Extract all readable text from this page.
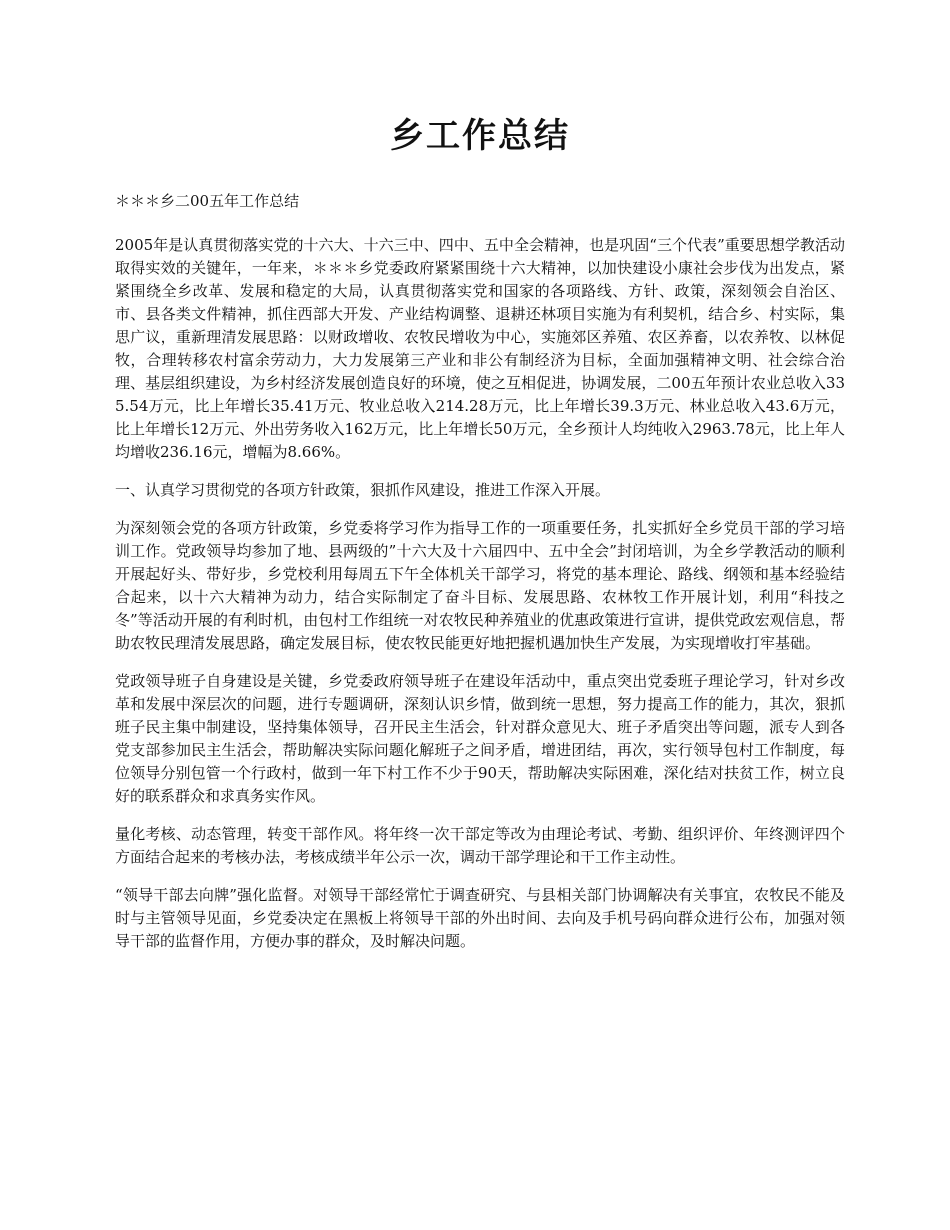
乡工作总结

＊＊＊乡二00五年工作总结

2005年是认真贯彻落实党的十六大、十六三中、四中、五中全会精神，也是巩固“三个代表”重要思想学教活动取得实效的关键年，一年来，＊＊＊乡党委政府紧紧围绕十六大精神，以加快建设小康社会步伐为出发点，紧紧围绕全乡改革、发展和稳定的大局，认真贯彻落实党和国家的各项路线、方针、政策，深刻领会自治区、市、县各类文件精神，抓住西部大开发、产业结构调整、退耕还林项目实施为有利契机，结合乡、村实际，集思广议，重新理清发展思路：以财政增收、农牧民增收为中心，实施郊区养殖、农区养畜，以农养牧、以林促牧，合理转移农村富余劳动力，大力发展第三产业和非公有制经济为目标，全面加强精神文明、社会综合治理、基层组织建设，为乡村经济发展创造良好的环境，使之互相促进，协调发展，二00五年预计农业总收入335.54万元，比上年增长35.41万元、牧业总收入214.28万元，比上年增长39.3万元、林业总收入43.6万元，比上年增长12万元、外出劳务收入162万元，比上年增长50万元，全乡预计人均纯收入2963.78元，比上年人均增收236.16元，增幅为8.66%。

一、认真学习贯彻党的各项方针政策，狠抓作风建设，推进工作深入开展。

为深刻领会党的各项方针政策，乡党委将学习作为指导工作的一项重要任务，扎实抓好全乡党员干部的学习培训工作。党政领导均参加了地、县两级的”十六大及十六届四中、五中全会”封闭培训，为全乡学教活动的顺利开展起好头、带好步，乡党校利用每周五下午全体机关干部学习，将党的基本理论、路线、纲领和基本经验结合起来，以十六大精神为动力，结合实际制定了奋斗目标、发展思路、农林牧工作开展计划，利用“科技之冬”等活动开展的有利时机，由包村工作组统一对农牧民种养殖业的优惠政策进行宣讲，提供党政宏观信息，帮助农牧民理清发展思路，确定发展目标，使农牧民能更好地把握机遇加快生产发展，为实现增收打牢基础。

党政领导班子自身建设是关键，乡党委政府领导班子在建设年活动中，重点突出党委班子理论学习，针对乡改革和发展中深层次的问题，进行专题调研，深刻认识乡情，做到统一思想，努力提高工作的能力，其次，狠抓班子民主集中制建设，坚持集体领导，召开民主生活会，针对群众意见大、班子矛盾突出等问题，派专人到各党支部参加民主生活会，帮助解决实际问题化解班子之间矛盾，增进团结，再次，实行领导包村工作制度，每位领导分别包管一个行政村，做到一年下村工作不少于90天，帮助解决实际困难，深化结对扶贫工作，树立良好的联系群众和求真务实作风。

量化考核、动态管理，转变干部作风。将年终一次干部定等改为由理论考试、考勤、组织评价、年终测评四个方面结合起来的考核办法，考核成绩半年公示一次，调动干部学理论和干工作主动性。

“领导干部去向牌”强化监督。对领导干部经常忙于调查研究、与县相关部门协调解决有关事宜，农牧民不能及时与主管领导见面，乡党委决定在黑板上将领导干部的外出时间、去向及手机号码向群众进行公布，加强对领导干部的监督作用，方便办事的群众，及时解决问题。
